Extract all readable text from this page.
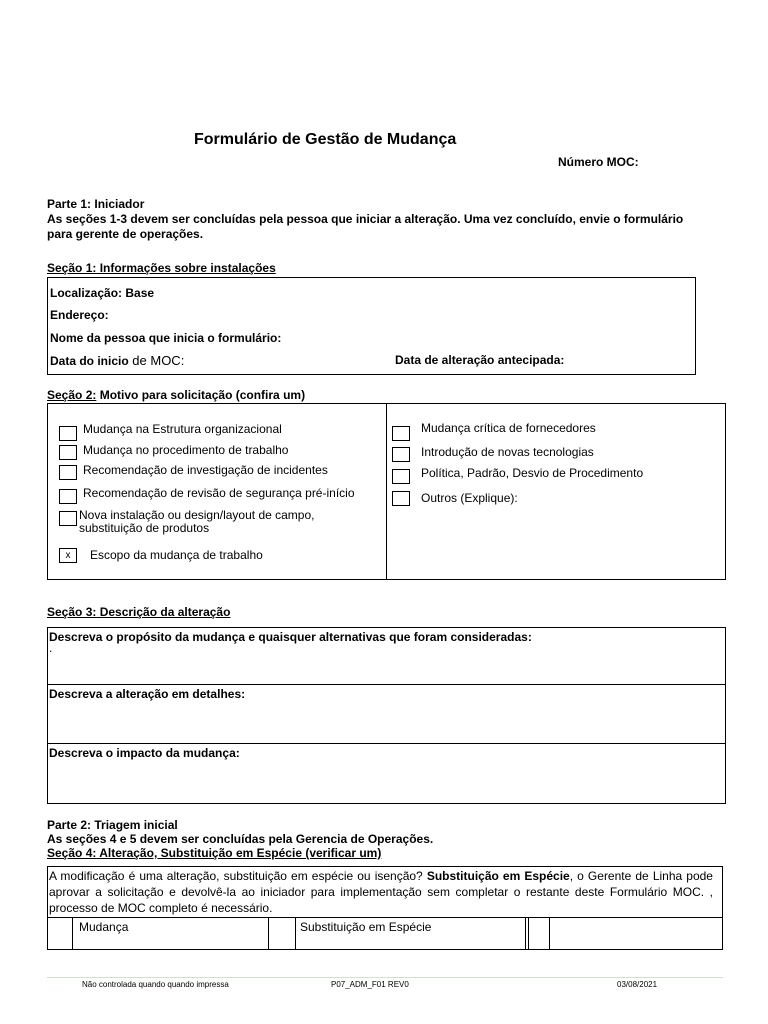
Formulário de Gestão de Mudança
Número MOC:
Parte 1: Iniciador
As seções 1-3 devem ser concluídas pela pessoa que iniciar a alteração. Uma vez concluído, envie o formulário para gerente de operações.
Seção 1: Informações sobre instalações
Localização: Base
Endereço:
Nome da pessoa que inicia o formulário:
Data do inicio de MOC:	Data de alteração antecipada:
Seção 2: Motivo para solicitação (confira um)
Mudança na Estrutura organizacional
Mudança no procedimento de trabalho
Recomendação de investigação de incidentes
Recomendação de revisão de segurança pré-início
Nova instalação ou design/layout de campo, substituição de produtos
x	Escopo da mudança de trabalho
Mudança crítica de fornecedores
Introdução de novas tecnologias
Política, Padrão, Desvio de Procedimento
Outros (Explique):
Seção 3: Descrição da alteração
Descreva o propósito da mudança e quaisquer alternativas que foram consideradas:
.
Descreva a alteração em detalhes:
Descreva o impacto da mudança:
Parte 2: Triagem inicial
As seções 4 e 5 devem ser concluídas pela Gerencia de Operações.
Seção 4: Alteração, Substituição em Espécie (verificar um)
A modificação é uma alteração, substituição em espécie ou isenção? Substituição em Espécie, o Gerente de Linha pode aprovar a solicitação e devolvê-la ao iniciador para implementação sem completar o restante deste Formulário MOC. , processo de MOC completo é necessário.
Mudança	Substituição em Espécie
Não controlada quando quando impressa	P07_ADM_F01 REV0	03/08/2021
